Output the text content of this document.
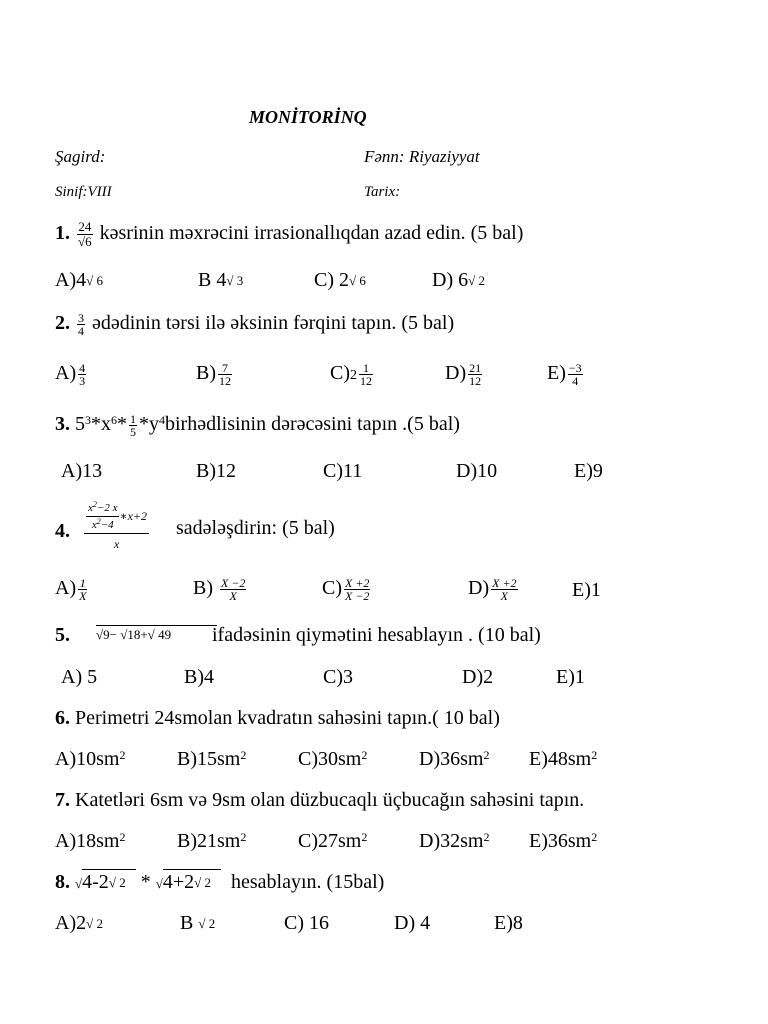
MONİTORİNQ
Şagird:	Fənn: Riyaziyyat
Sinif:VIII	Tarix:
1. $\frac{24}{√6}$ kəsrinin məxrəcini irrasionallıqdan azad edin. (5 bal)
A)4√ 6	B 4√ 3	C) 2√ 6	D) 6√ 2
2. $\frac{3}{4}$ ədədinin tərsi ilə əksinin fərqini tapın. (5 bal)
$A) \frac{4}{3}$	$B) \frac{7}{12}$	$C)2 \frac{1}{12}$	$D) \frac{21}{12}$	$E) \frac{-3}{4}$
3. $5^3*x^6* \frac{1}{5}$ $*y^4birhədlisinin$ dərəcəsini tapın .(5 bal)
A)13	B)12	C)11	D)10	E)9
4. $\frac{\frac{x^2-2 x}{x^2-4} ∗x+2}{x}$ sadələşdirin: (5 bal)
$A) \frac{1}{X}$	$B) \frac{X -2}{X}$	$C) \frac{X +2}{X -2}$	$D) \frac{X +2}{X}$	E)1
5. √9− √18+√ 49	ifadəsinin qiymətini hesablayın . (10 bal)
A) 5	B)4	C)3	D)2	E)1
6. Perimetri 24smolan kvadratın sahəsini tapın.( 10 bal)
$A)10sm^2$	$B)15sm^2$	$C)30sm^2$	$D)36sm^2$ $E)48sm^2$
7. Katetləri 6sm və 9sm olan düzbucaqlı üçbucağın sahəsini tapın.
$A)18sm^2$	$B)21sm^2$	$C)27sm^2$	$D)32sm^2$ $E)36sm^2$
8. √4-2√ 2 * √4+2√ 2 hesablayın. (15bal)
A)2√ 2	B √ 2	C) 16	D) 4	E)8
